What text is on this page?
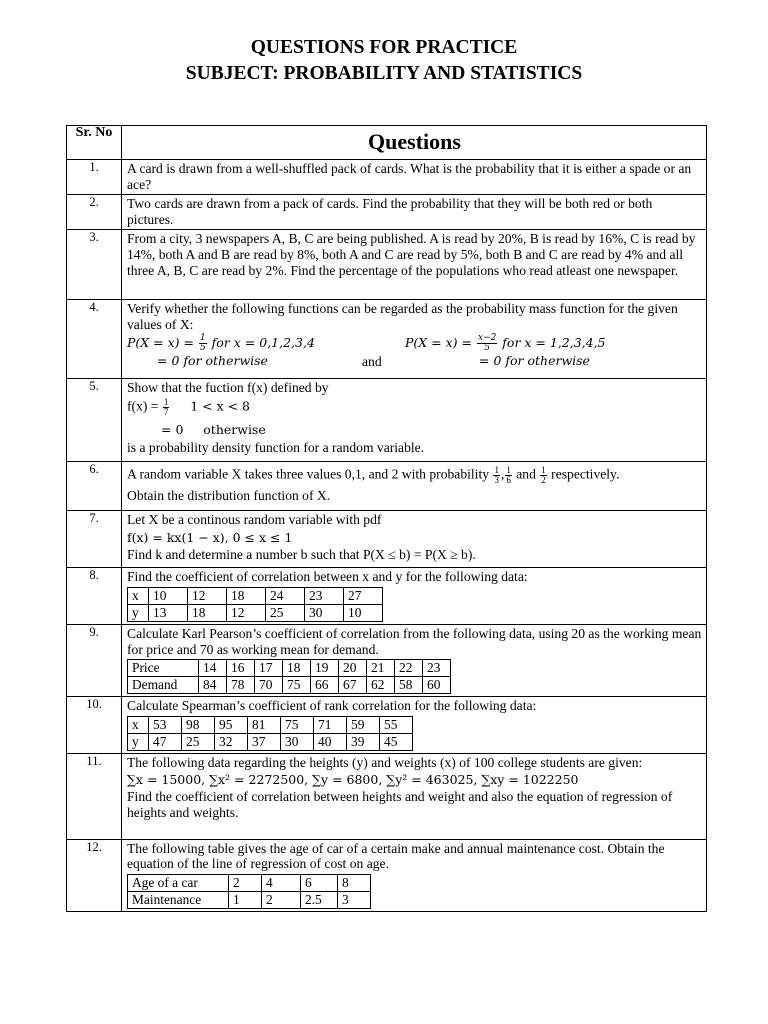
QUESTIONS FOR PRACTICE
SUBJECT: PROBABILITY AND STATISTICS
Sr. No	Questions
1.	A card is drawn from a well-shuffled pack of cards. What is the probability that it is either a spade or an ace?
2.	Two cards are drawn from a pack of cards. Find the probability that they will be both red or both pictures.
3.	From a city, 3 newspapers A, B, C are being published. A is read by 20%, B is read by 16%, C is read by 14%, both A and B are read by 8%, both A and C are read by 5%, both B and C are read by 4% and all three A, B, C are read by 2%. Find the percentage of the populations who read atleast one newspaper.
4.	Verify whether the following functions can be regarded as the probability mass function for the given values of X:
$P(X = x) = \frac{1}{5}$ for x = 0,1,2,3,4
= 0 for otherwise	and
$P(X = x) = \frac{x-2}{5}$ for x = 1,2,3,4,5
= 0 for otherwise

5.	Show that the fuction f(x) defined by
$f(x) = \frac{1}{7} 1 < x < 8$
= 0     otherwise
is a probability density function for a random variable.

6.	A random variable X takes three values 0,1, and 2 with probability $\frac{1}{3}$ , $\frac{1}{6}$ and $\frac{1}{2}$ respectively.
Obtain the distribution function of X.

7.	Let X be a continous random variable with pdf
f(x) = kx(1 − x), 0 ≤ x ≤ 1
Find k and determine a number b such that P(X ≤ b) = P(X ≥ b).

8.	Find the coefficient of correlation between x and y for the following data:
x	10	12	18	24	23	27
y	13	18	12	25	30	10

9.	Calculate Karl Pearson’s coefficient of correlation from the following data, using 20 as the working mean for price and 70 as working mean for demand.
Price	14	16	17	18	19	20	21	22	23
Demand	84	78	70	75	66	67	62	58	60

10.	Calculate Spearman’s coefficient of rank correlation for the following data:
x	53	98	95	81	75	71	59	55
y	47	25	32	37	30	40	39	45

11.	The following data regarding the heights (y) and weights (x) of 100 college students are given:
∑x = 15000, ∑x² = 2272500, ∑y = 6800, ∑y² = 463025, ∑xy = 1022250
Find the coefficient of correlation between heights and weight and also the equation of regression of heights and weights.

12.	The following table gives the age of car of a certain make and annual maintenance cost. Obtain the equation of the line of regression of cost on age.
Age of a car	2	4	6	8
Maintenance	1	2	2.5	3
